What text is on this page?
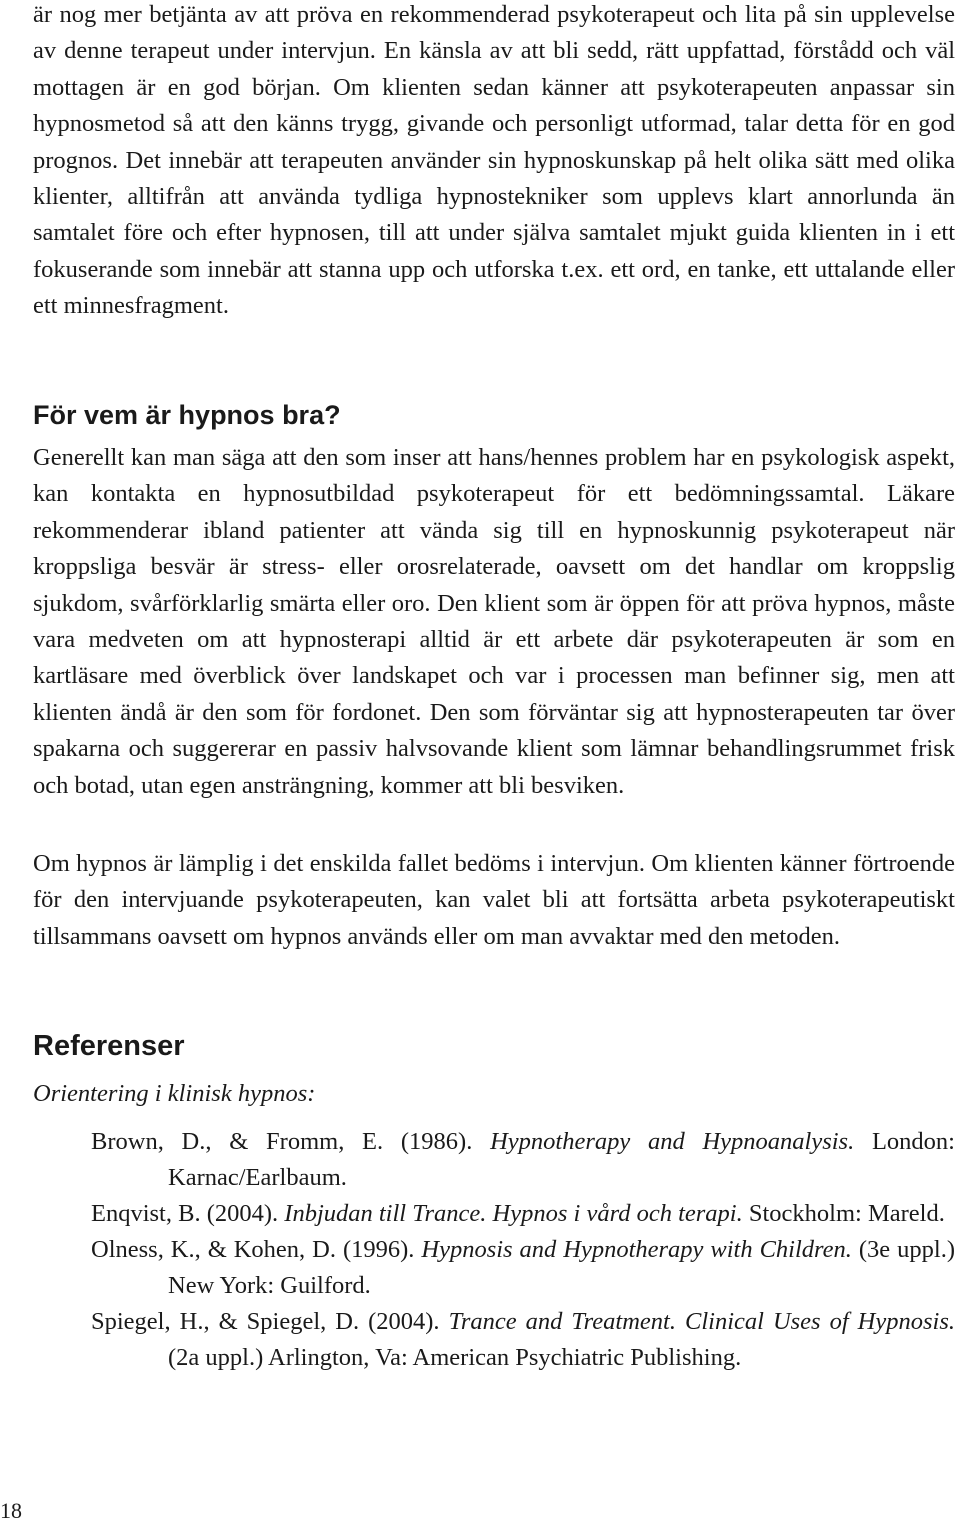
är nog mer betjänta av att pröva en rekommenderad psykoterapeut och lita på sin upplevelse av denne terapeut under intervjun. En känsla av att bli sedd, rätt uppfattad, förstådd och väl mottagen är en god början. Om klienten sedan känner att psykoterapeuten anpassar sin hypnosmetod så att den känns trygg, givande och personligt utformad, talar detta för en god prognos. Det innebär att terapeuten använder sin hypnoskunskap på helt olika sätt med olika klienter, alltifrån att använda tydliga hypnostekniker som upplevs klart annorlunda än samtalet före och efter hypnosen, till att under själva samtalet mjukt guida klienten in i ett fokuserande som innebär att stanna upp och utforska t.ex. ett ord, en tanke, ett uttalande eller ett minnesfragment.

För vem är hypnos bra?

Generellt kan man säga att den som inser att hans/hennes problem har en psykologisk aspekt, kan kontakta en hypnosutbildad psykoterapeut för ett bedömningssamtal. Läkare rekommenderar ibland patienter att vända sig till en hypnoskunnig psykoterapeut när kroppsliga besvär är stress- eller orosrelaterade, oavsett om det handlar om kroppslig sjukdom, svårförklarlig smärta eller oro. Den klient som är öppen för att pröva hypnos, måste vara medveten om att hypnosterapi alltid är ett arbete där psykoterapeuten är som en kartläsare med överblick över landskapet och var i processen man befinner sig, men att klienten ändå är den som för fordonet. Den som förväntar sig att hypnosterapeuten tar över spakarna och suggererar en passiv halvsovande klient som lämnar behandlingsrummet frisk och botad, utan egen ansträngning, kommer att bli besviken.

Om hypnos är lämplig i det enskilda fallet bedöms i intervjun. Om klienten känner förtroende för den intervjuande psykoterapeuten, kan valet bli att fortsätta arbeta psykoterapeutiskt tillsammans oavsett om hypnos används eller om man avvaktar med den metoden.

Referenser

Orientering i klinisk hypnos:

Brown, D., & Fromm, E. (1986). Hypnotherapy and Hypnoanalysis. London: Karnac/Earlbaum.
Enqvist, B. (2004). Inbjudan till Trance. Hypnos i vård och terapi. Stockholm: Mareld.
Olness, K., & Kohen, D. (1996). Hypnosis and Hypnotherapy with Children. (3e uppl.) New York: Guilford.
Spiegel, H., & Spiegel, D. (2004). Trance and Treatment. Clinical Uses of Hypnosis. (2a uppl.) Arlington, Va: American Psychiatric Publishing.
18
